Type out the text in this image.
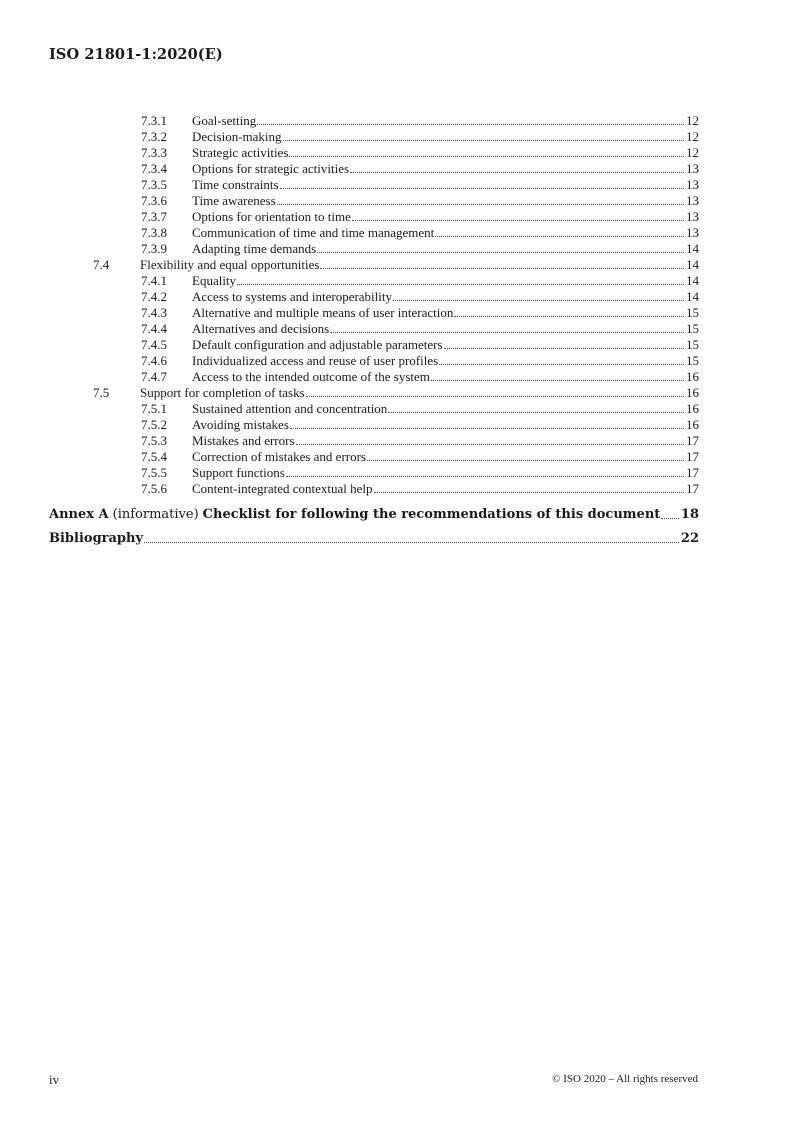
ISO 21801-1:2020(E)
7.3.1	Goal-setting	12
7.3.2	Decision-making	12
7.3.3	Strategic activities	12
7.3.4	Options for strategic activities	13
7.3.5	Time constraints	13
7.3.6	Time awareness	13
7.3.7	Options for orientation to time	13
7.3.8	Communication of time and time management	13
7.3.9	Adapting time demands	14
7.4	Flexibility and equal opportunities	14
7.4.1	Equality	14
7.4.2	Access to systems and interoperability	14
7.4.3	Alternative and multiple means of user interaction	15
7.4.4	Alternatives and decisions	15
7.4.5	Default configuration and adjustable parameters	15
7.4.6	Individualized access and reuse of user profiles	15
7.4.7	Access to the intended outcome of the system	16
7.5	Support for completion of tasks	16
7.5.1	Sustained attention and concentration	16
7.5.2	Avoiding mistakes	16
7.5.3	Mistakes and errors	17
7.5.4	Correction of mistakes and errors	17
7.5.5	Support functions	17
7.5.6	Content-integrated contextual help	17
Annex A (informative) Checklist for following the recommendations of this document 18
Bibliography	22
iv	© ISO 2020 – All rights reserved
